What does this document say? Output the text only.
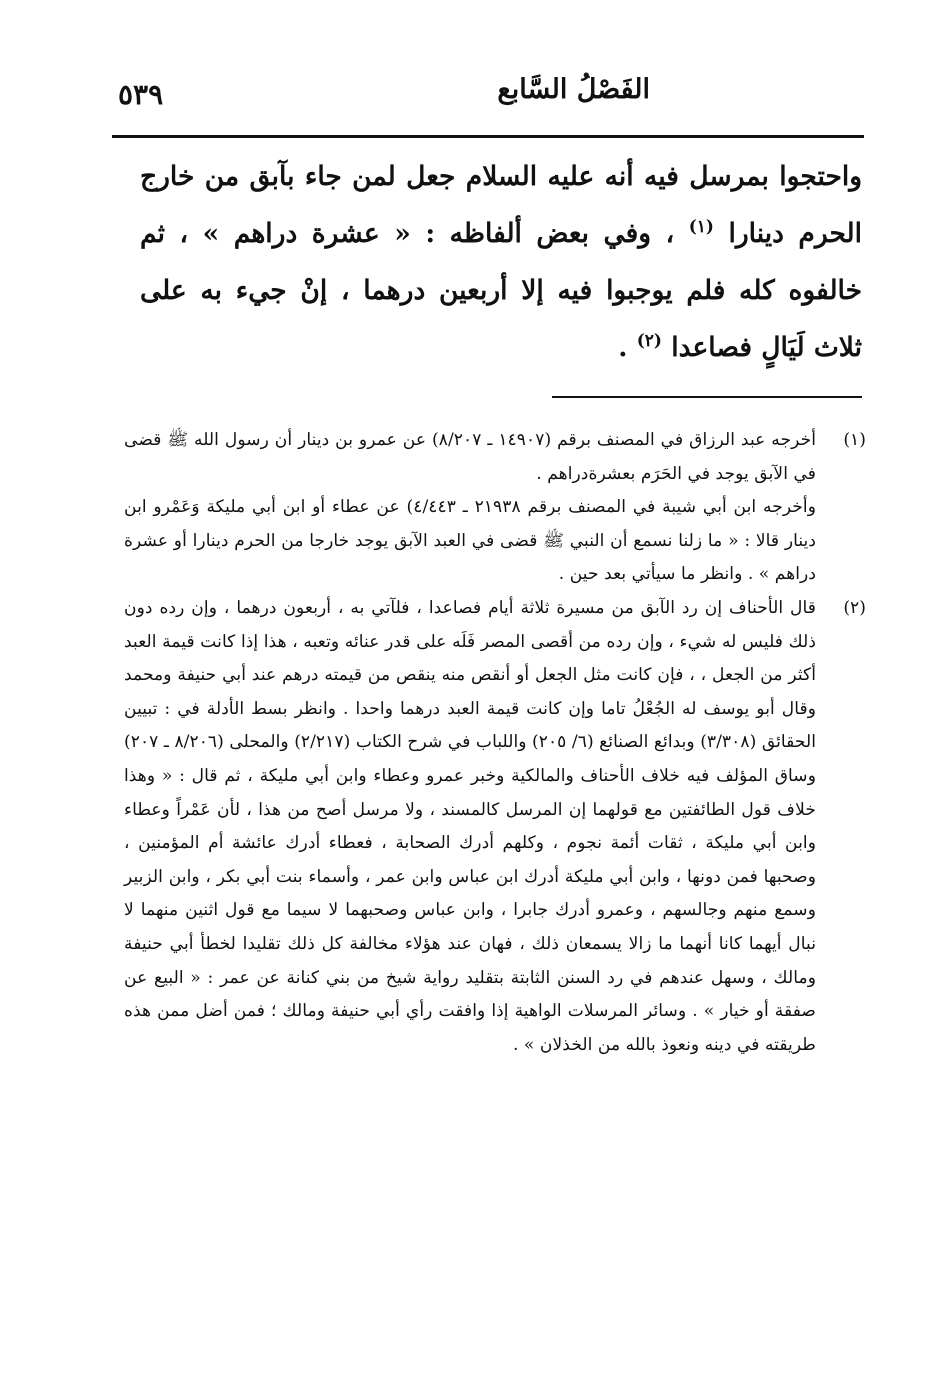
الفَصْلُ السَّابع
٥٣٩

واحتجوا بمرسل فيه أنه عليه السلام جعل لمن جاء بآبق من خارج الحرم دينارا $^{(١)}$ ، وفي بعض ألفاظه : « عشرة دراهم » ، ثم خالفوه كله فلم يوجبوا فيه إلا أربعين درهما ، إنْ جيء به على ثلاث لَيَالٍ فصاعدا $^{(٢)}$ .

(١)

أخرجه عبد الرزاق في المصنف برقم (١٤٩٠٧ ـ ٨/٢٠٧) عن عمرو بن دينار أن رسول الله ﷺ قضى في الآبق يوجد في الحَرَم بعشرةدراهم .

وأخرجه ابن أبي شيبة في المصنف برقم ٢١٩٣٨ ـ ٤/٤٤٣) عن عطاء أو ابن أبي مليكة وَعَمْرو ابن دينار قالا : « ما زلنا نسمع أن النبي ﷺ قضى في العبد الآبق يوجد خارجا من الحرم دينارا أو عشرة دراهم » . وانظر ما سيأتي بعد حين .

(٢)

قال الأحناف إن رد الآبق من مسيرة ثلاثة أيام فصاعدا ، فلآتي به ، أربعون درهما ، وإن رده دون ذلك فليس له شيء ، وإن رده من أقصى المصر فَلَه على قدر عنائه وتعبه ، هذا إذا كانت قيمة العبد أكثر من الجعل ، ، فإن كانت مثل الجعل أو أنقص منه ينقص من قيمته درهم عند أبي حنيفة ومحمد وقال أبو يوسف له الجُعْلُ تاما وإن كانت قيمة العبد درهما واحدا . وانظر بسط الأدلة في : تبيين الحقائق (٣/٣٠٨) وبدائع الصنائع (٦/ ٢٠٥) واللباب في شرح الكتاب (٢/٢١٧) والمحلى (٨/٢٠٦ ـ ٢٠٧) وساق المؤلف فيه خلاف الأحناف والمالكية وخبر عمرو وعطاء وابن أبي مليكة ، ثم قال : « وهذا خلاف قول الطائفتين مع قولهما إن المرسل كالمسند ، ولا مرسل أصح من هذا ، لأن عَمْراً وعطاء وابن أبي مليكة ، ثقات أئمة نجوم ، وكلهم أدرك الصحابة ، فعطاء أدرك عائشة أم المؤمنين ، وصحبها فمن دونها ، وابن أبي مليكة أدرك ابن عباس وابن عمر ، وأسماء بنت أبي بكر ، وابن الزبير وسمع منهم وجالسهم ، وعمرو أدرك جابرا ، وابن عباس وصحبهما لا سيما مع قول اثنين منهما لا نبال أيهما كانا أنهما ما زالا يسمعان ذلك ، فهان عند هؤلاء مخالفة كل ذلك تقليدا لخطأ أبي حنيفة ومالك ، وسهل عندهم في رد السنن الثابتة بتقليد رواية شيخ من بني كنانة عن عمر : « البيع عن صفقة أو خيار » . وسائر المرسلات الواهية إذا وافقت رأي أبي حنيفة ومالك ؛ فمن أضل ممن هذه طريقته في دينه ونعوذ بالله من الخذلان » .
